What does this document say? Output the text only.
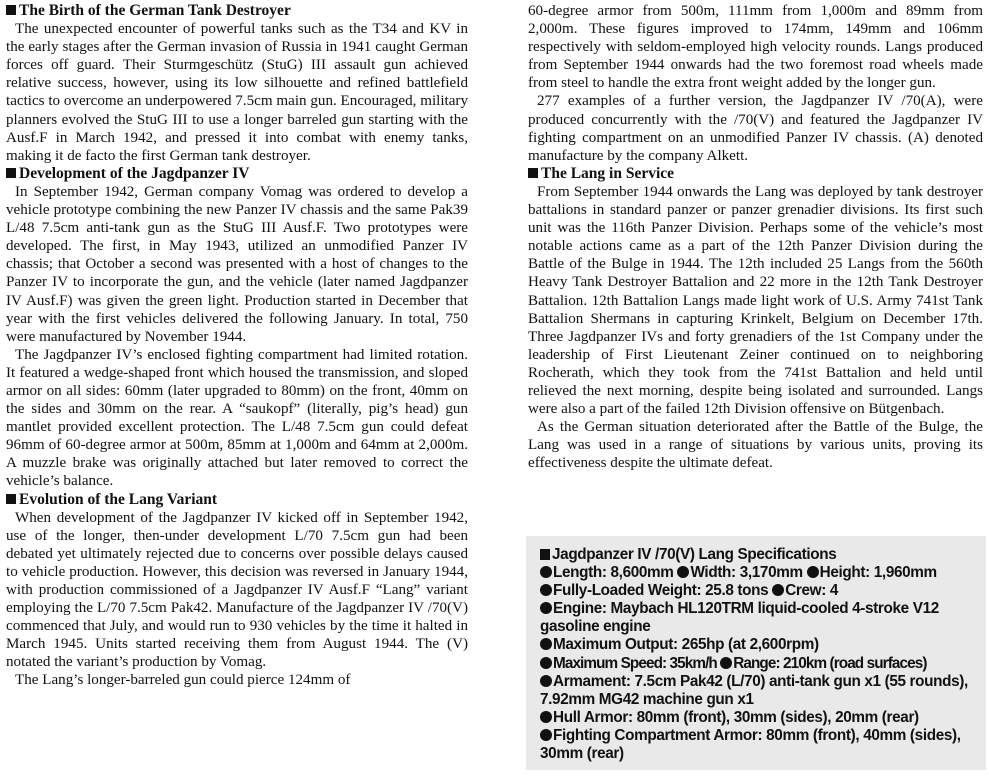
The Birth of the German Tank Destroyer

The unexpected encounter of powerful tanks such as the T34 and KV in the early stages after the German invasion of Russia in 1941 caught German forces off guard. Their Sturmgeschütz (StuG) III assault gun achieved relative success, however, using its low silhouette and refined battlefield tactics to overcome an underpowered 7.5cm main gun. Encouraged, military planners evolved the StuG III to use a longer barreled gun starting with the Ausf.F in March 1942, and pressed it into combat with enemy tanks, making it de facto the first German tank destroyer.

Development of the Jagdpanzer IV

In September 1942, German company Vomag was ordered to develop a vehicle prototype combining the new Panzer IV chassis and the same Pak39 L/48 7.5cm anti-tank gun as the StuG III Ausf.F. Two prototypes were developed. The first, in May 1943, utilized an unmodified Panzer IV chassis; that October a second was presented with a host of changes to the Panzer IV to incorporate the gun, and the vehicle (later named Jagdpanzer IV Ausf.F) was given the green light. Production started in December that year with the first vehicles delivered the following January. In total, 750 were manufactured by November 1944.

The Jagdpanzer IV’s enclosed fighting compartment had limited rotation. It featured a wedge-shaped front which housed the transmission, and sloped armor on all sides: 60mm (later upgraded to 80mm) on the front, 40mm on the sides and 30mm on the rear. A “saukopf” (literally, pig’s head) gun mantlet provided excellent protection. The L/48 7.5cm gun could defeat 96mm of 60-degree armor at 500m, 85mm at 1,000m and 64mm at 2,000m. A muzzle brake was originally attached but later removed to correct the vehicle’s balance.

Evolution of the Lang Variant

When development of the Jagdpanzer IV kicked off in September 1942, use of the longer, then-under development L/70 7.5cm gun had been debated yet ultimately rejected due to concerns over possible delays caused to vehicle production. However, this decision was reversed in January 1944, with production commissioned of a Jagdpanzer IV Ausf.F “Lang” variant employing the L/70 7.5cm Pak42. Manufacture of the Jagdpanzer IV /70(V) commenced that July, and would run to 930 vehicles by the time it halted in March 1945. Units started receiving them from August 1944. The (V) notated the variant’s production by Vomag.

The Lang’s longer-barreled gun could pierce 124mm of

60-degree armor from 500m, 111mm from 1,000m and 89mm from 2,000m. These figures improved to 174mm, 149mm and 106mm respectively with seldom-employed high velocity rounds. Langs produced from September 1944 onwards had the two foremost road wheels made from steel to handle the extra front weight added by the longer gun.

277 examples of a further version, the Jagdpanzer IV /70(A), were produced concurrently with the /70(V) and featured the Jagdpanzer IV fighting compartment on an unmodified Panzer IV chassis. (A) denoted manufacture by the company Alkett.

The Lang in Service

From September 1944 onwards the Lang was deployed by tank destroyer battalions in standard panzer or panzer grenadier divisions. Its first such unit was the 116th Panzer Division. Perhaps some of the vehicle’s most notable actions came as a part of the 12th Panzer Division during the Battle of the Bulge in 1944. The 12th included 25 Langs from the 560th Heavy Tank Destroyer Battalion and 22 more in the 12th Tank Destroyer Battalion. 12th Battalion Langs made light work of U.S. Army 741st Tank Battalion Shermans in capturing Krinkelt, Belgium on December 17th. Three Jagdpanzer IVs and forty grenadiers of the 1st Company under the leadership of First Lieutenant Zeiner continued on to neighboring Rocherath, which they took from the 741st Battalion and held until relieved the next morning, despite being isolated and surrounded. Langs were also a part of the failed 12th Division offensive on Bütgenbach.

As the German situation deteriorated after the Battle of the Bulge, the Lang was used in a range of situations by various units, proving its effectiveness despite the ultimate defeat.

Jagdpanzer IV /70(V) Lang Specifications
Length: 8,600mm Width: 3,170mm Height: 1,960mm
Fully-Loaded Weight: 25.8 tons Crew: 4
Engine: Maybach HL120TRM liquid-cooled 4-stroke V12 gasoline engine
Maximum Output: 265hp (at 2,600rpm)
Maximum Speed: 35km/h Range: 210km (road surfaces)
Armament: 7.5cm Pak42 (L/70) anti-tank gun x1 (55 rounds), 7.92mm MG42 machine gun x1
Hull Armor: 80mm (front), 30mm (sides), 20mm (rear)
Fighting Compartment Armor: 80mm (front), 40mm (sides), 30mm (rear)
